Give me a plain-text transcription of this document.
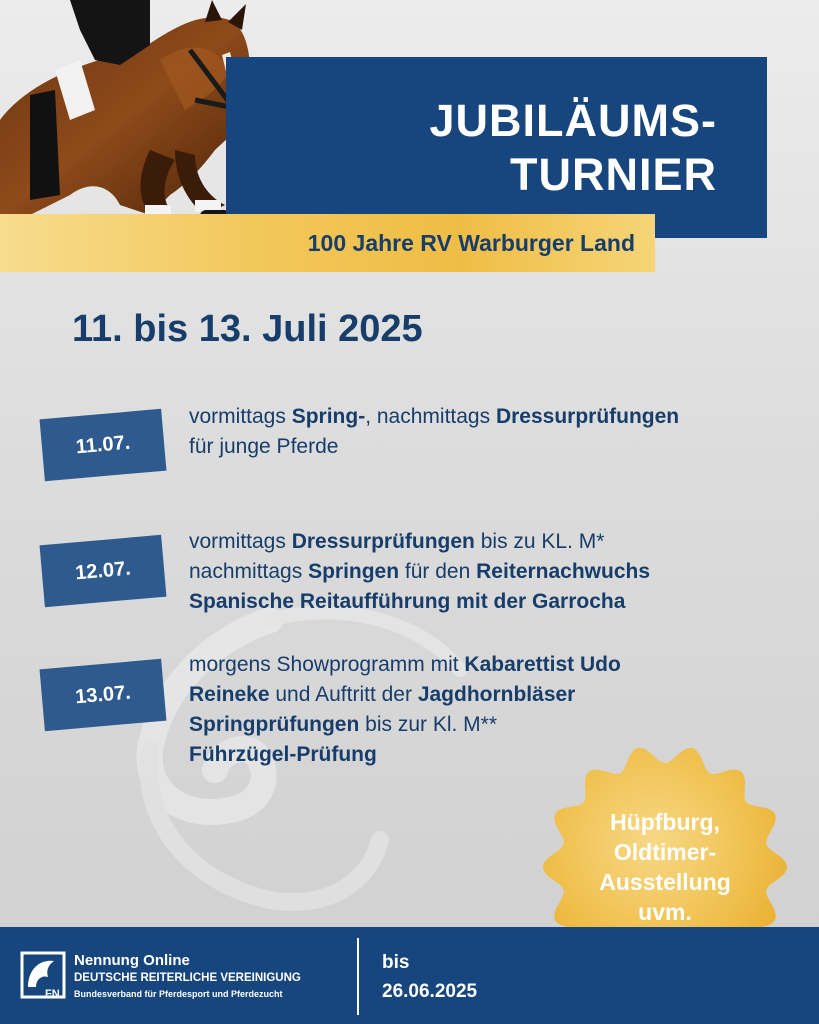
JUBILÄUMS-
TURNIER
100 Jahre RV Warburger Land
11. bis 13. Juli 2025
11.07.
vormittags Spring-, nachmittags Dressurprüfungen
für junge Pferde
12.07.
vormittags Dressurprüfungen bis zu KL. M*
nachmittags Springen für den Reiternachwuchs
Spanische Reitaufführung mit der Garrocha
13.07.
morgens Showprogramm mit Kabarettist Udo
Reineke und Auftritt der Jagdhornbläser
Springprüfungen bis zur Kl. M**
Führzügel-Prüfung
Hüpfburg,
Oldtimer-
Ausstellung
uvm.
FN
Nennung Online
DEUTSCHE REITERLICHE VEREINIGUNG
Bundesverband für Pferdesport und Pferdezucht
bis
26.06.2025
